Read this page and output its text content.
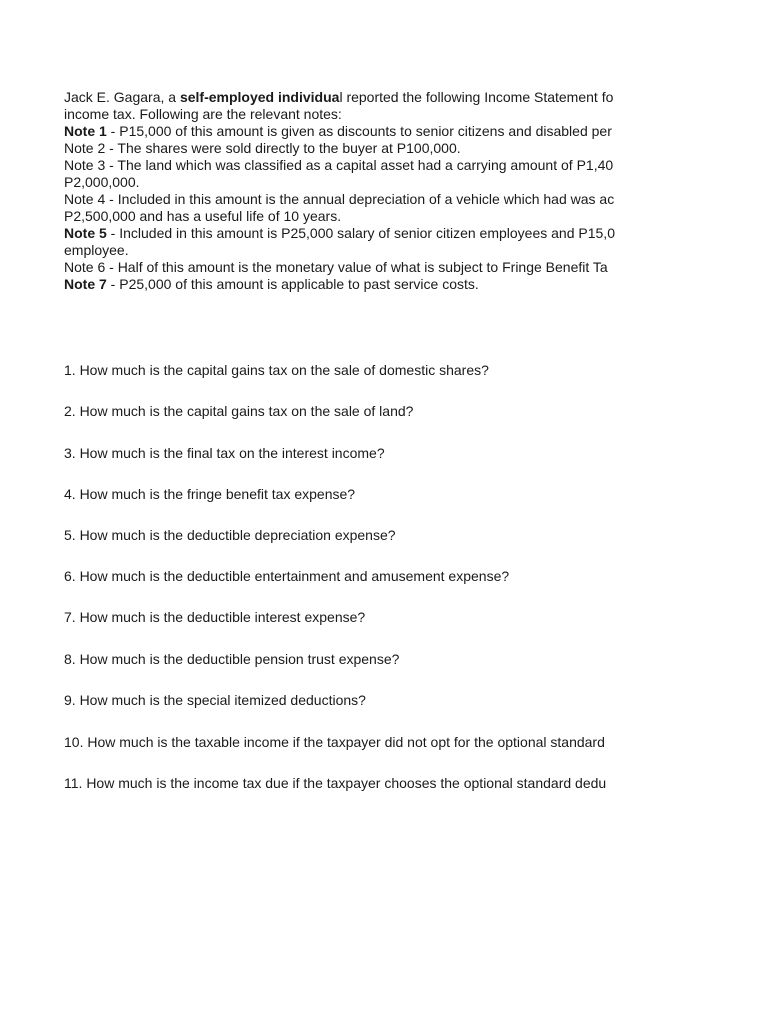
Jack E. Gagara, a self-employed individual reported the following Income Statement fo
income tax. Following are the relevant notes:
Note 1 - P15,000 of this amount is given as discounts to senior citizens and disabled per
Note 2 - The shares were sold directly to the buyer at P100,000.
Note 3 - The land which was classified as a capital asset had a carrying amount of P1,40
P2,000,000.
Note 4 - Included in this amount is the annual depreciation of a vehicle which had was ac
P2,500,000 and has a useful life of 10 years.
Note 5 - Included in this amount is P25,000 salary of senior citizen employees and P15,0
employee.
Note 6 - Half of this amount is the monetary value of what is subject to Fringe Benefit Ta
Note 7 - P25,000 of this amount is applicable to past service costs.
1. How much is the capital gains tax on the sale of domestic shares?
2. How much is the capital gains tax on the sale of land?
3. How much is the final tax on the interest income?
4. How much is the fringe benefit tax expense?
5. How much is the deductible depreciation expense?
6. How much is the deductible entertainment and amusement expense?
7. How much is the deductible interest expense?
8. How much is the deductible pension trust expense?
9. How much is the special itemized deductions?
10. How much is the taxable income if the taxpayer did not opt for the optional standard
11. How much is the income tax due if the taxpayer chooses the optional standard dedu
